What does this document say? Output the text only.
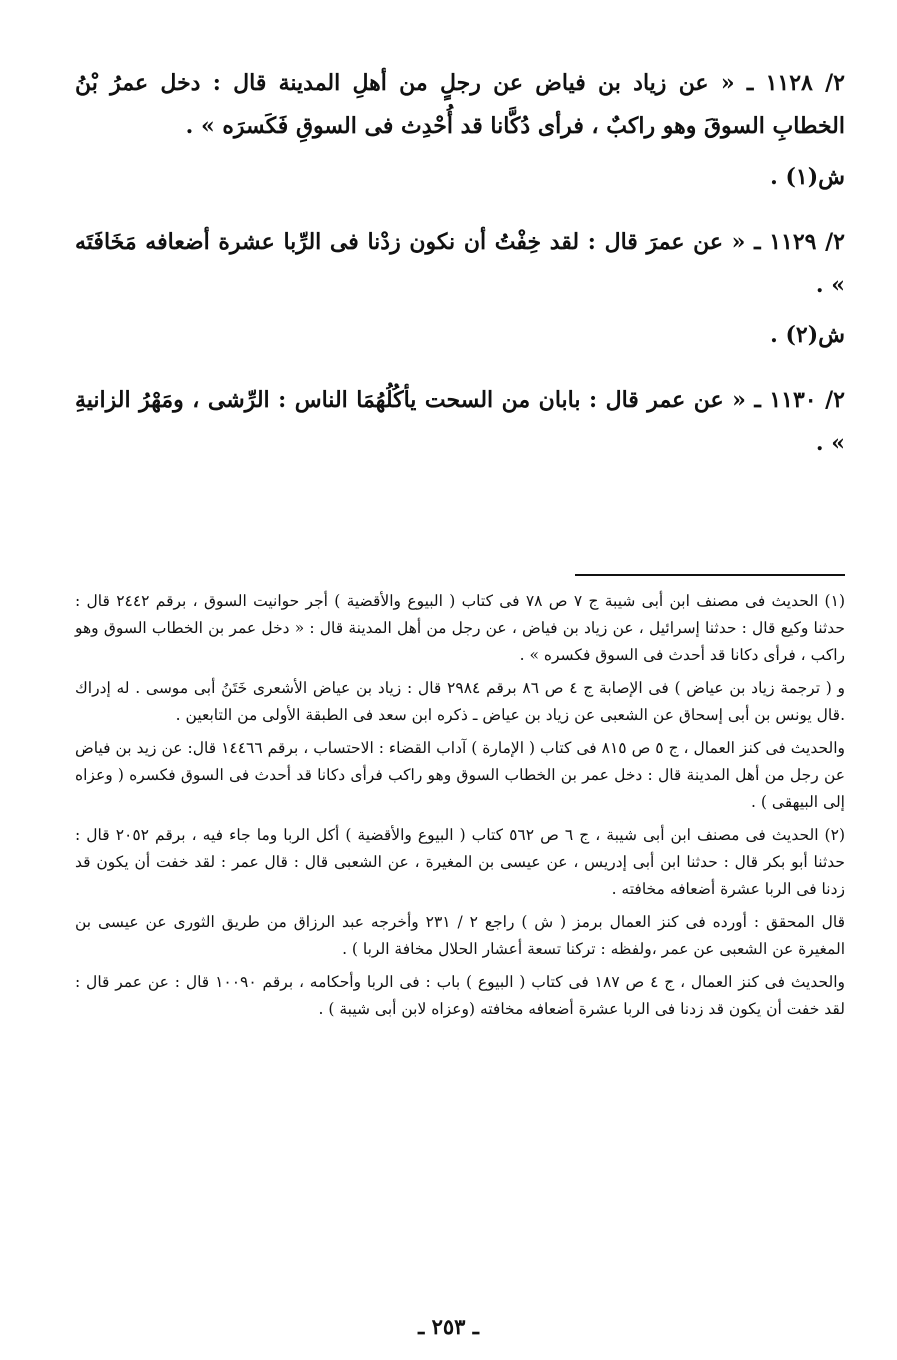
٢/ ١١٢٨ ـ « عن زياد بن فياض عن رجلٍ من أهلِ المدينة قال : دخل عمرُ بْنُ الخطابِ السوقَ وهو راكبٌ ، فرأى دُكَّانا قد أُحْدِث فى السوقِ فَكَسرَه » .

ش(١) .

٢/ ١١٢٩ ـ « عن عمرَ قال : لقد خِفْتُ أن نكون زدْنا فى الرِّبا عشرة أضعافه مَخَافَتَه » .

ش(٢) .

٢/ ١١٣٠ ـ « عن عمر قال : بابان من السحت يأكُلُهُمَا الناس : الرِّشى ، ومَهْرُ الزانيةِ » .

(١) الحديث فى مصنف ابن أبى شيبة ج ٧ ص ٧٨ فى كتاب ( البيوع والأقضية ) أجر حوانيت السوق ، برقم ٢٤٤٢ قال : حدثنا وكيع قال : حدثنا إسرائيل ، عن زياد بن فياض ، عن رجل من أهل المدينة قال : « دخل عمر بن الخطاب السوق وهو راكب ، فرأى دكانا قد أحدث فى السوق فكسره » .

و ( ترجمة زياد بن عياض ) فى الإصابة ج ٤ ص ٨٦ برقم ٢٩٨٤ قال : زياد بن عياض الأشعرى خَتَنُ أبى موسى . له إدراك .قال يونس بن أبى إسحاق عن الشعبى عن زياد بن عياض ـ ذكره ابن سعد فى الطبقة الأولى من التابعين .

والحديث فى كنز العمال ، ج ٥ ص ٨١٥ فى كتاب ( الإمارة ) آداب القضاء : الاحتساب ، برقم ١٤٤٦٦ قال: عن زيد بن فياض عن رجل من أهل المدينة قال : دخل عمر بن الخطاب السوق وهو راكب فرأى دكانا قد أحدث فى السوق فكسره ( وعزاه إلى البيهقى ) .

(٢) الحديث فى مصنف ابن أبى شيبة ، ج ٦ ص ٥٦٢ كتاب ( البيوع والأقضية ) أكل الربا وما جاء فيه ، برقم ٢٠٥٢ قال : حدثنا أبو بكر قال : حدثنا ابن أبى إدريس ، عن عيسى بن المغيرة ، عن الشعبى قال : قال عمر : لقد خفت أن يكون قد زدنا فى الربا عشرة أضعافه مخافته .

قال المحقق : أورده فى كنز العمال برمز ( ش ) راجع ٢ / ٢٣١ وأخرجه عبد الرزاق من طريق الثورى عن عيسى بن المغيرة عن الشعبى عن عمر ،ولفظه : تركنا تسعة أعشار الحلال مخافة الربا ) .

والحديث فى كنز العمال ، ج ٤ ص ١٨٧ فى كتاب ( البيوع ) باب : فى الربا وأحكامه ، برقم ١٠٠٩٠ قال : عن عمر قال : لقد خفت أن يكون قد زدنا فى الربا عشرة أضعافه مخافته (وعزاه لابن أبى شيبة ) .

ـ ٢٥٣ ـ
